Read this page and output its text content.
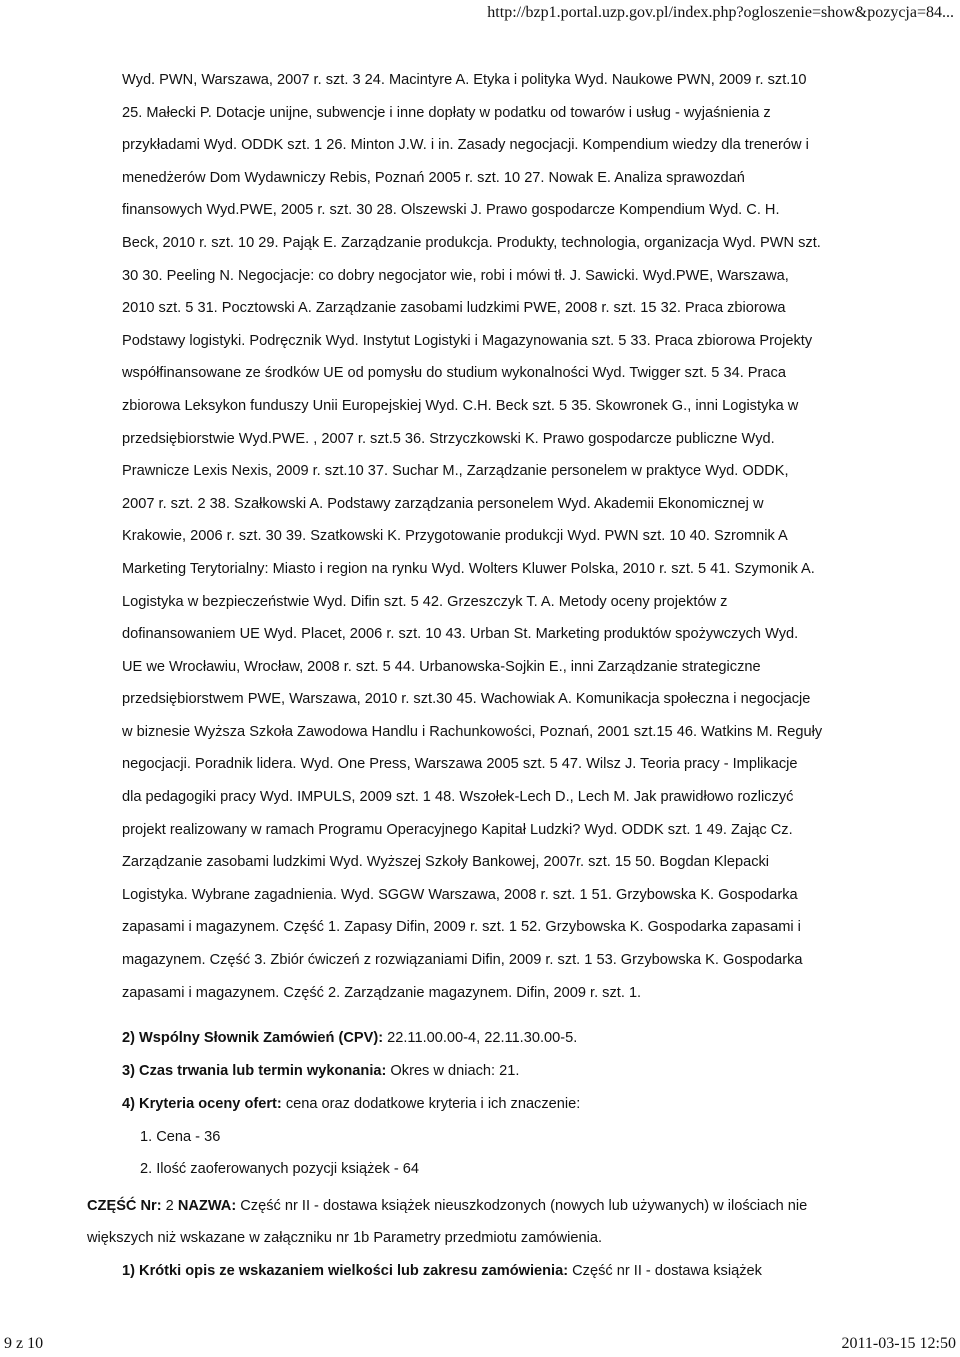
http://bzp1.portal.uzp.gov.pl/index.php?ogloszenie=show&pozycja=84...
Wyd. PWN, Warszawa, 2007 r. szt. 3 24. Macintyre A. Etyka i polityka Wyd. Naukowe PWN, 2009 r. szt.10
25. Małecki P. Dotacje unijne, subwencje i inne dopłaty w podatku od towarów i usług - wyjaśnienia z
przykładami Wyd. ODDK szt. 1 26. Minton J.W. i in. Zasady negocjacji. Kompendium wiedzy dla trenerów i
menedżerów Dom Wydawniczy Rebis, Poznań 2005 r. szt. 10 27. Nowak E. Analiza sprawozdań
finansowych Wyd.PWE, 2005 r. szt. 30 28. Olszewski J. Prawo gospodarcze Kompendium Wyd. C. H.
Beck, 2010 r. szt. 10 29. Pająk E. Zarządzanie produkcja. Produkty, technologia, organizacja Wyd. PWN szt.
30 30. Peeling N. Negocjacje: co dobry negocjator wie, robi i mówi tł. J. Sawicki. Wyd.PWE, Warszawa,
2010 szt. 5 31. Pocztowski A. Zarządzanie zasobami ludzkimi PWE, 2008 r. szt. 15 32. Praca zbiorowa
Podstawy logistyki. Podręcznik Wyd. Instytut Logistyki i Magazynowania szt. 5 33. Praca zbiorowa Projekty
współfinansowane ze środków UE od pomysłu do studium wykonalności Wyd. Twigger szt. 5 34. Praca
zbiorowa Leksykon funduszy Unii Europejskiej Wyd. C.H. Beck szt. 5 35. Skowronek G., inni Logistyka w
przedsiębiorstwie Wyd.PWE. , 2007 r. szt.5 36. Strzyczkowski K. Prawo gospodarcze publiczne Wyd.
Prawnicze Lexis Nexis, 2009 r. szt.10 37. Suchar M., Zarządzanie personelem w praktyce Wyd. ODDK,
2007 r. szt. 2 38. Szałkowski A. Podstawy zarządzania personelem Wyd. Akademii Ekonomicznej w
Krakowie, 2006 r. szt. 30 39. Szatkowski K. Przygotowanie produkcji Wyd. PWN szt. 10 40. Szromnik A
Marketing Terytorialny: Miasto i region na rynku Wyd. Wolters Kluwer Polska, 2010 r. szt. 5 41. Szymonik A.
Logistyka w bezpieczeństwie Wyd. Difin szt. 5 42. Grzeszczyk T. A. Metody oceny projektów z
dofinansowaniem UE Wyd. Placet, 2006 r. szt. 10 43. Urban St. Marketing produktów spożywczych Wyd.
UE we Wrocławiu, Wrocław, 2008 r. szt. 5 44. Urbanowska-Sojkin E., inni Zarządzanie strategiczne
przedsiębiorstwem PWE, Warszawa, 2010 r. szt.30 45. Wachowiak A. Komunikacja społeczna i negocjacje
w biznesie Wyższa Szkoła Zawodowa Handlu i Rachunkowości, Poznań, 2001 szt.15 46. Watkins M. Reguły
negocjacji. Poradnik lidera. Wyd. One Press, Warszawa 2005 szt. 5 47. Wilsz J. Teoria pracy - Implikacje
dla pedagogiki pracy Wyd. IMPULS, 2009 szt. 1 48. Wszołek-Lech D., Lech M. Jak prawidłowo rozliczyć
projekt realizowany w ramach Programu Operacyjnego Kapitał Ludzki? Wyd. ODDK szt. 1 49. Zając Cz.
Zarządzanie zasobami ludzkimi Wyd. Wyższej Szkoły Bankowej, 2007r. szt. 15 50. Bogdan Klepacki
Logistyka. Wybrane zagadnienia. Wyd. SGGW Warszawa, 2008 r. szt. 1 51. Grzybowska K. Gospodarka
zapasami i magazynem. Część 1. Zapasy Difin, 2009 r. szt. 1 52. Grzybowska K. Gospodarka zapasami i
magazynem. Część 3. Zbiór ćwiczeń z rozwiązaniami Difin, 2009 r. szt. 1 53. Grzybowska K. Gospodarka
zapasami i magazynem. Część 2. Zarządzanie magazynem. Difin, 2009 r. szt. 1.
2) Wspólny Słownik Zamówień (CPV): 22.11.00.00-4, 22.11.30.00-5.
3) Czas trwania lub termin wykonania: Okres w dniach: 21.
4) Kryteria oceny ofert: cena oraz dodatkowe kryteria i ich znaczenie:
1. Cena - 36
2. Ilość zaoferowanych pozycji książek - 64
CZĘŚĆ Nr: 2 NAZWA: Część nr II - dostawa książek nieuszkodzonych (nowych lub używanych) w ilościach nie
większych niż wskazane w załączniku nr 1b Parametry przedmiotu zamówienia.
1) Krótki opis ze wskazaniem wielkości lub zakresu zamówienia: Część nr II - dostawa książek
9 z 10	2011-03-15 12:50
